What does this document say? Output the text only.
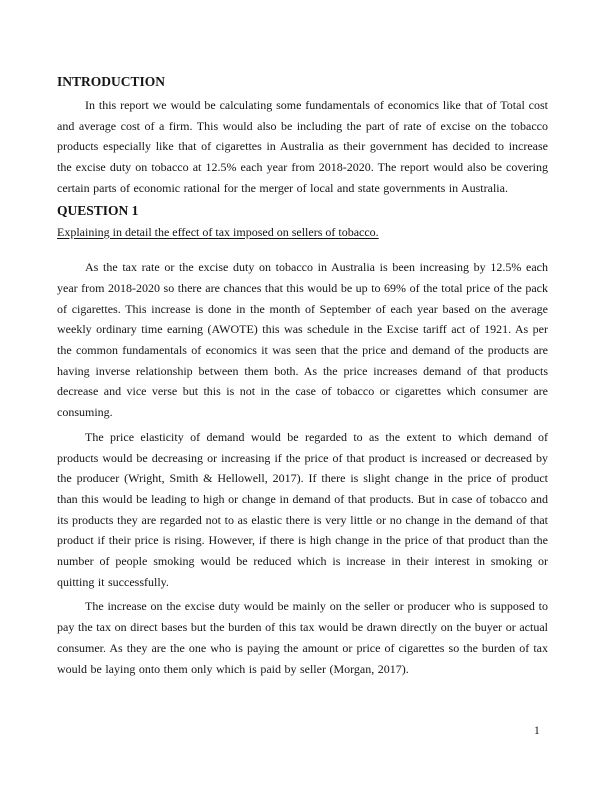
INTRODUCTION

In this report we would be calculating some fundamentals of economics like that of Total cost and average cost of a firm. This would also be including the part of rate of excise on the tobacco products especially like that of cigarettes in Australia as their government has decided to increase the excise duty on tobacco at 12.5% each year from 2018-2020. The report would also be covering certain parts of economic rational for the merger of local and state governments in Australia.

QUESTION 1
Explaining in detail the effect of tax imposed on sellers of tobacco.

As the tax rate or the excise duty on tobacco in Australia is been increasing by 12.5% each year from 2018-2020 so there are chances that this would be up to 69% of the total price of the pack of cigarettes. This increase is done in the month of September of each year based on the average weekly ordinary time earning (AWOTE) this was schedule in the Excise tariff act of 1921. As per the common fundamentals of economics it was seen that the price and demand of the products are having inverse relationship between them both. As the price increases demand of that products decrease and vice verse but this is not in the case of tobacco or cigarettes which consumer are consuming.

The price elasticity of demand would be regarded to as the extent to which demand of products would be decreasing or increasing if the price of that product is increased or decreased by the producer (Wright, Smith & Hellowell, 2017). If there is slight change in the price of product than this would be leading to high or change in demand of that products. But in case of tobacco and its products they are regarded not to as elastic there is very little or no change in the demand of that product if their price is rising. However, if there is high change in the price of that product than the number of people smoking would be reduced which is increase in their interest in smoking or quitting it successfully.

The increase on the excise duty would be mainly on the seller or producer who is supposed to pay the tax on direct bases but the burden of this tax would be drawn directly on the buyer or actual consumer. As they are the one who is paying the amount or price of cigarettes so the burden of tax would be laying onto them only which is paid by seller (Morgan, 2017).

1
